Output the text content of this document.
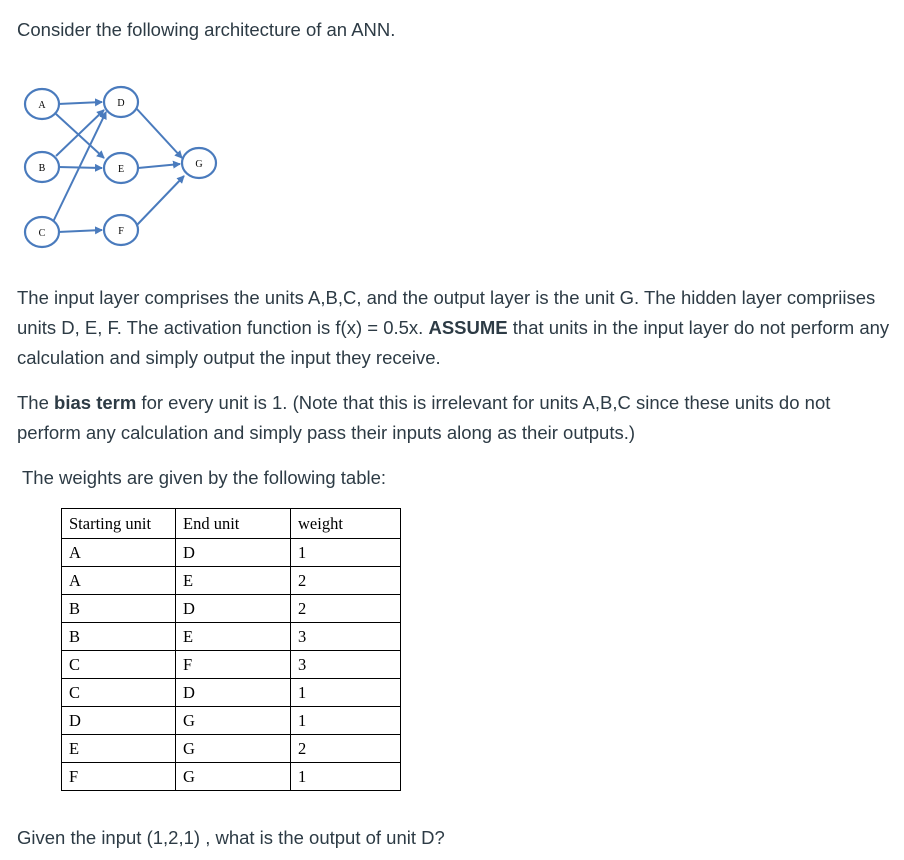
Consider the following architecture of an ANN.

A
B
C
D
E
F
G

The input layer comprises the units A,B,C, and the output layer is the unit G. The hidden layer compriises units D, E, F. The activation function is f(x) = 0.5x. ASSUME that units in the input layer do not perform any calculation and simply output the input they receive.

The bias term for every unit is 1. (Note that this is irrelevant for units A,B,C since these units do not perform any calculation and simply pass their inputs along as their outputs.)

The weights are given by the following table:

Starting unit	End unit	weight
A	D	1
A	E	2
B	D	2
B	E	3
C	F	3
C	D	1
D	G	1
E	G	2
F	G	1

Given the input (1,2,1) , what is the output of unit D?
